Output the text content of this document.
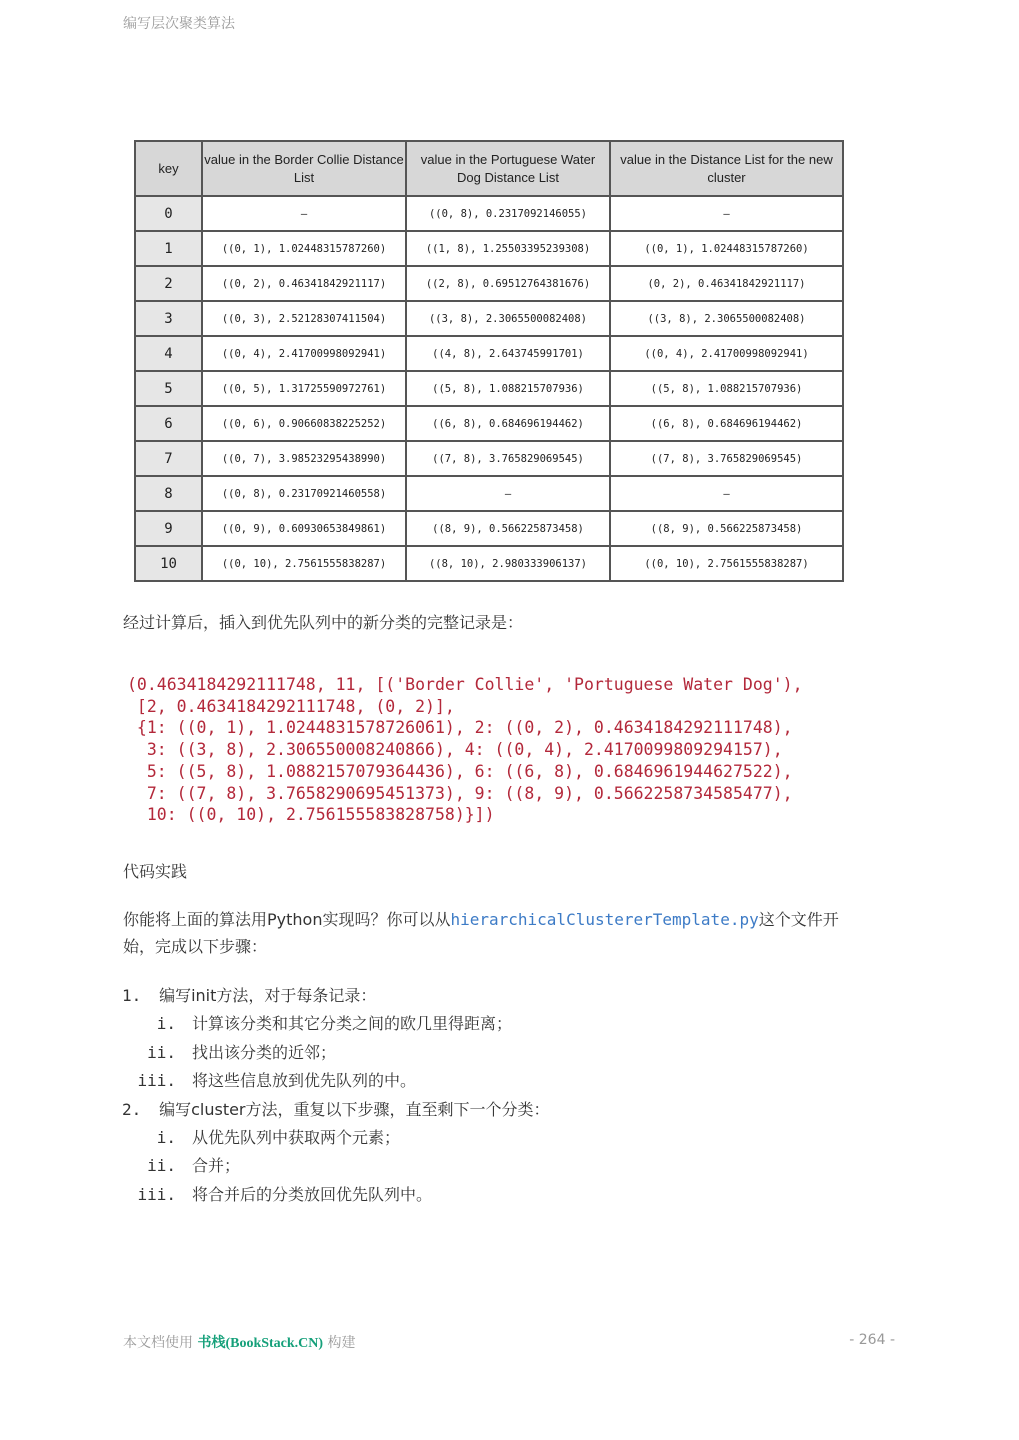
编写层次聚类算法
key	value in the Border Collie Distance List	value in the Portuguese Water Dog Distance List	value in the Distance List for the new cluster
0	–	((0, 8), 0.2317092146055)	–
1	((0, 1), 1.02448315787260)	((1, 8), 1.25503395239308)	((0, 1), 1.02448315787260)
2	((0, 2), 0.46341842921117)	((2, 8), 0.69512764381676)	(0, 2), 0.46341842921117)
3	((0, 3), 2.52128307411504)	((3, 8), 2.3065500082408)	((3, 8), 2.3065500082408)
4	((0, 4), 2.41700998092941)	((4, 8), 2.643745991701)	((0, 4), 2.41700998092941)
5	((0, 5), 1.31725590972761)	((5, 8), 1.088215707936)	((5, 8), 1.088215707936)
6	((0, 6), 0.90660838225252)	((6, 8), 0.684696194462)	((6, 8), 0.684696194462)
7	((0, 7), 3.98523295438990)	((7, 8), 3.765829069545)	((7, 8), 3.765829069545)
8	((0, 8), 0.23170921460558)	–	–
9	((0, 9), 0.60930653849861)	((8, 9), 0.566225873458)	((8, 9), 0.566225873458)
10	((0, 10), 2.7561555838287)	((8, 10), 2.980333906137)	((0, 10), 2.7561555838287)
经过计算后，插入到优先队列中的新分类的完整记录是：
(0.4634184292111748, 11, [('Border Collie', 'Portuguese Water Dog'),
[2, 0.4634184292111748, (0, 2)],
{1: ((0, 1), 1.0244831578726061), 2: ((0, 2), 0.4634184292111748),
3: ((3, 8), 2.306550008240866), 4: ((0, 4), 2.4170099809294157),
5: ((5, 8), 1.0882157079364436), 6: ((6, 8), 0.6846961944627522),
7: ((7, 8), 3.7658290695451373), 9: ((8, 9), 0.5662258734585477),
10: ((0, 10), 2.756155583828758)}])
代码实践
你能将上面的算法用Python实现吗？你可以从hierarchicalClustererTemplate.py这个文件开
始，完成以下步骤：
1. 编写init方法，对于每条记录：
i. 计算该分类和其它分类之间的欧几里得距离；
ii. 找出该分类的近邻；
iii. 将这些信息放到优先队列的中。
2. 编写cluster方法，重复以下步骤，直至剩下一个分类：
i. 从优先队列中获取两个元素；
ii. 合并；
iii. 将合并后的分类放回优先队列中。
本文档使用 书栈(BookStack.CN) 构建	- 264 -
